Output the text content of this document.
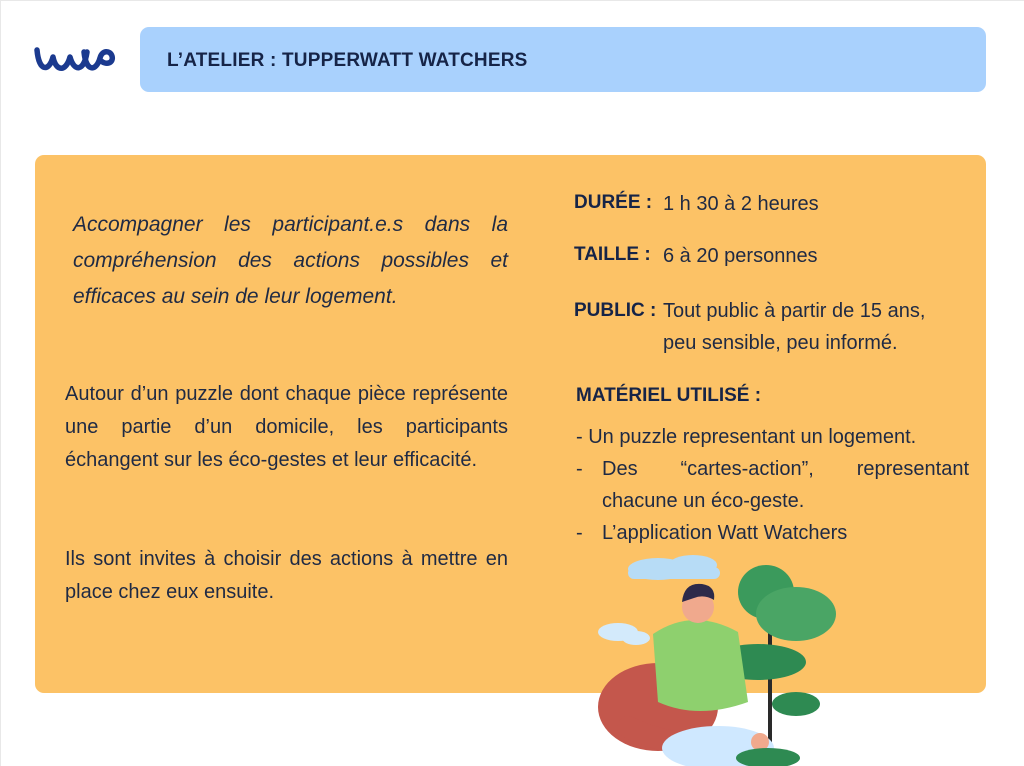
L’ATELIER : TUPPERWATT WATCHERS
Accompagner les participant.e.s dans la compréhension des actions possibles et efficaces au sein de leur logement.
Autour d’un puzzle dont chaque pièce représente une partie d’un domicile, les participants échangent sur les éco-gestes et leur efficacité.
Ils sont invites à choisir des actions à mettre en place chez eux ensuite.
DURÉE : 1 h 30 à 2 heures
TAILLE : 6 à 20 personnes
PUBLIC : Tout public à partir de 15 ans,
peu sensible, peu informé.
MATÉRIEL UTILISÉ :
- Un puzzle representant un logement.
- Des “cartes-action”, representant chacune un éco-geste.
- L’application Watt Watchers
